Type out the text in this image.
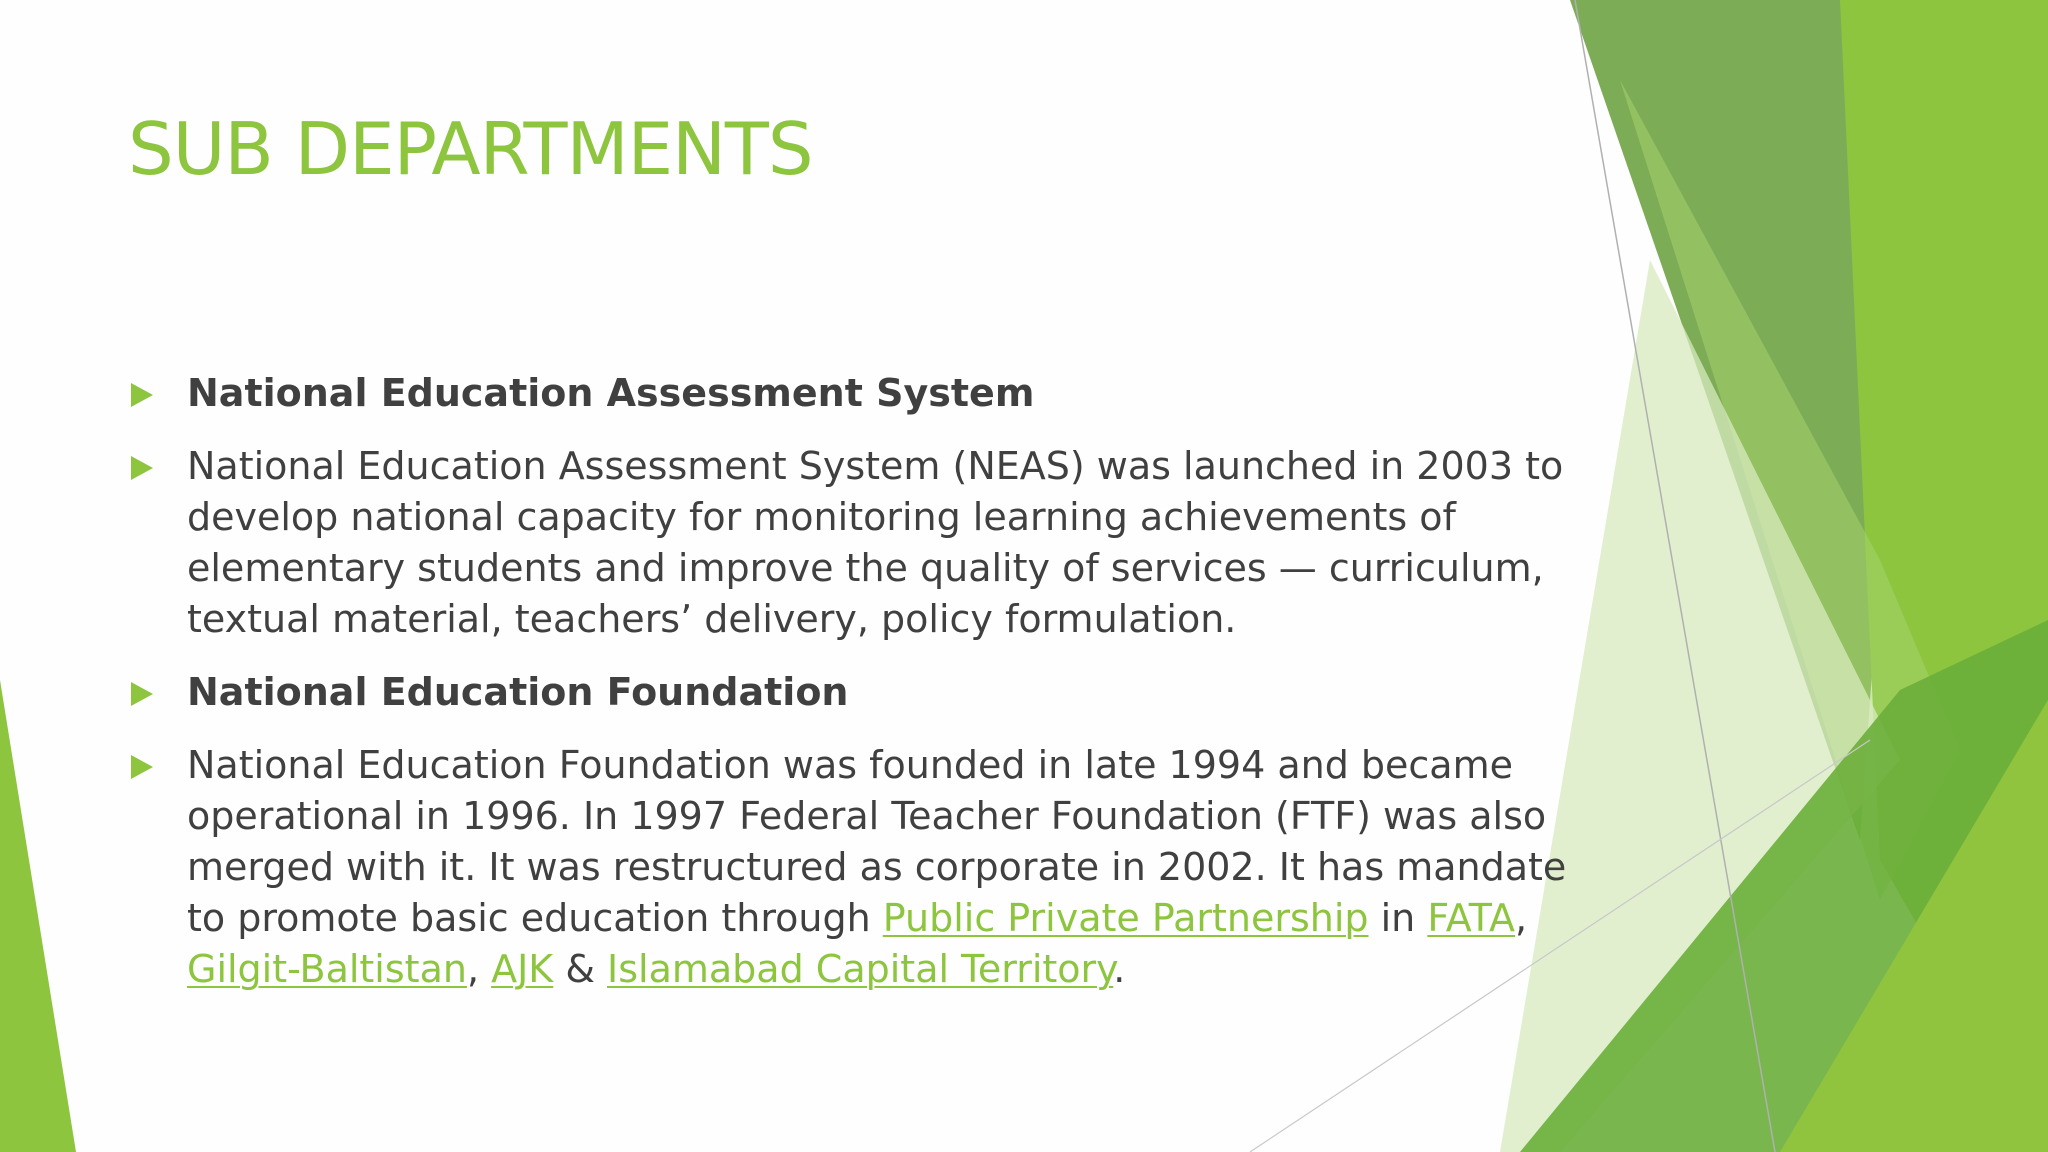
SUB DEPARTMENTS
National Education Assessment System
National Education Assessment System (NEAS) was launched in 2003 to develop national capacity for monitoring learning achievements of elementary students and improve the quality of services — curriculum, textual material, teachers’ delivery, policy formulation.
National Education Foundation
National Education Foundation was founded in late 1994 and became operational in 1996. In 1997 Federal Teacher Foundation (FTF) was also merged with it. It was restructured as corporate in 2002. It has mandate to promote basic education through Public Private Partnership in FATA, Gilgit-Baltistan, AJK & Islamabad Capital Territory.
